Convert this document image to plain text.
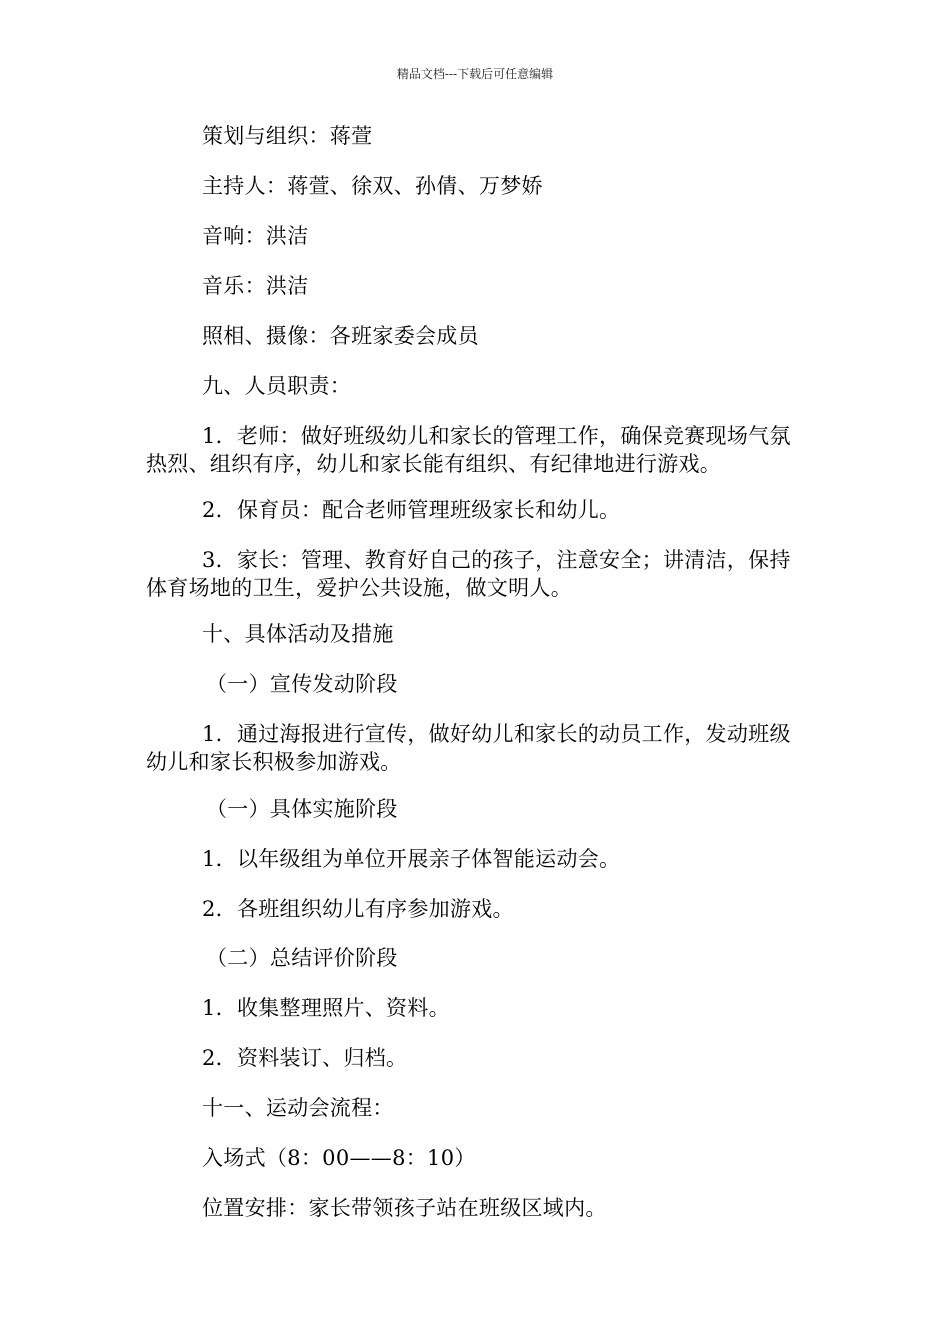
精品文档---下载后可任意编辑

策划与组织：蒋萱

主持人：蒋萱、徐双、孙倩、万梦娇

音响：洪洁

音乐：洪洁

照相、摄像：各班家委会成员

九、人员职责：

1．老师：做好班级幼儿和家长的管理工作，确保竞赛现场气氛热烈、组织有序，幼儿和家长能有组织、有纪律地进行游戏。

2．保育员：配合老师管理班级家长和幼儿。

3．家长：管理、教育好自己的孩子，注意安全；讲清洁，保持体育场地的卫生，爱护公共设施，做文明人。

十、具体活动及措施

（一）宣传发动阶段

1．通过海报进行宣传，做好幼儿和家长的动员工作，发动班级幼儿和家长积极参加游戏。

（一）具体实施阶段

1．以年级组为单位开展亲子体智能运动会。

2．各班组织幼儿有序参加游戏。

（二）总结评价阶段

1．收集整理照片、资料。

2．资料装订、归档。

十一、运动会流程：

入场式（8：00——8：10）

位置安排：家长带领孩子站在班级区域内。
